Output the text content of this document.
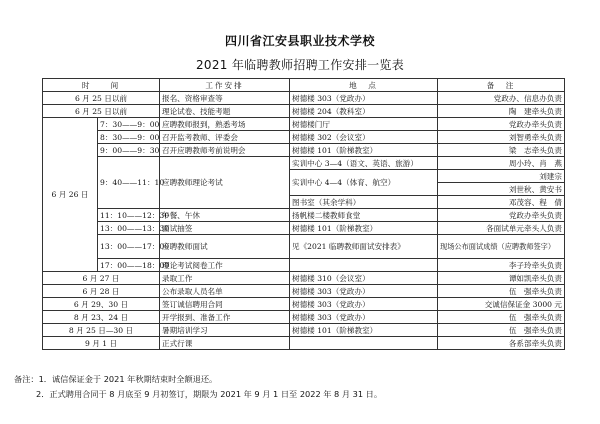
四川省江安县职业技术学校
2021 年临聘教师招聘工作安排一览表
时　　间		工作安排	地　点	备　注
6 月 25 日以前		报名、资格审查等	树德楼 303（党政办）	党政办、信息办负责
6 月 25 日以前		理论试卷、技能考题	树德楼 204（教科室）	陶　建牵头负责
6 月 26 日	7：30——9：00	应聘教师报到，熟悉考场	树德楼门厅	党政办牵头负责
	8：30——9：00	召开监考教师、评委会	树德楼 302（会议室）	刘智勇牵头负责
	9：00——9：30	召开应聘教师考前说明会	树德楼 101（阶梯教室）	梁　志牵头负责
	9：40——11：10	应聘教师理论考试	实训中心 3—4（语文、英语、旅游）	周小玲、肖　燕
			实训中心 4—4（体育、航空）	刘建宗
				刘世秋、黄安书
			图书室（其余学科）	邓茂容、程　倩
	11：10——12：30	午餐、午休	扬帆楼二楼教师食堂	党政办牵头负责
	13：00——13：30	面试抽签	树德楼 101（阶梯教室）	各面试单元牵头人负责
	13：00——17：00	应聘教师面试	见《2021 临聘教师面试安排表》	现场公布面试成绩（应聘教师签字）
	17：00——18：00	理论考试阅卷工作		李子玲牵头负责
6 月 27 日		录取工作	树德楼 310（会议室）	谭如凯牵头负责
6 月 28 日		公布录取人员名单	树德楼 303（党政办）	伍　强牵头负责
6 月 29、30 日		签订诚信聘用合同	树德楼 303（党政办）	交诚信保证金 3000 元
8 月 23、24 日		开学报到、准备工作	树德楼 303（党政办）	伍　强牵头负责
8 月 25 日—30 日		暑期培训学习	树德楼 101（阶梯教室）	伍　强牵头负责
9 月 1 日		正式行课		各系部牵头负责
备注：1．诚信保证金于 2021 年秋期结束时全额退还。
2．正式聘用合同于 8 月底至 9 月初签订，期限为 2021 年 9 月 1 日至 2022 年 8 月 31 日。
